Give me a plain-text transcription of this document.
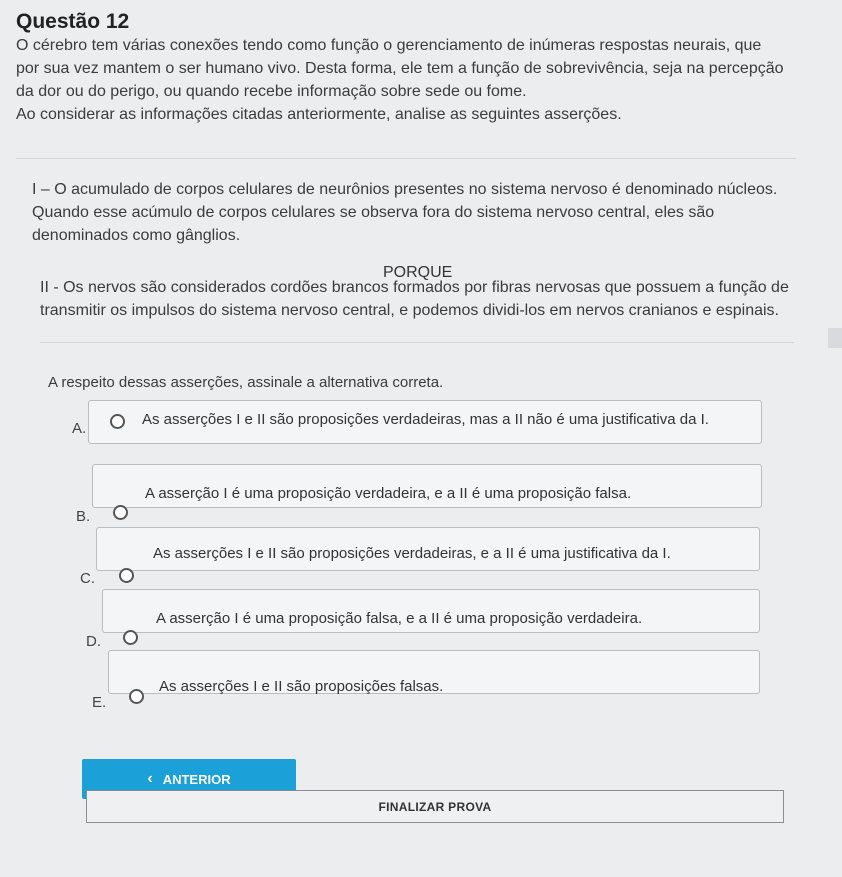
Questão 12

O cérebro tem várias conexões tendo como função o gerenciamento de inúmeras respostas neurais, que

por sua vez mantem o ser humano vivo. Desta forma, ele tem a função de sobrevivência, seja na percepção

da dor ou do perigo, ou quando recebe informação sobre sede ou fome.

Ao considerar as informações citadas anteriormente, analise as seguintes asserções.

I – O acumulado de corpos celulares de neurônios presentes no sistema nervoso é denominado núcleos.

Quando esse acúmulo de corpos celulares se observa fora do sistema nervoso central, eles são

denominados como gânglios.

PORQUE

II - Os nervos são considerados cordões brancos formados por fibras nervosas que possuem a função de

transmitir os impulsos do sistema nervoso central, e podemos dividi-los em nervos cranianos e espinais.

A respeito dessas asserções, assinale a alternativa correta.
A.
As asserções I e II são proposições verdadeiras, mas a II não é uma justificativa da I.
B.
A asserção I é uma proposição verdadeira, e a II é uma proposição falsa.
C.
As asserções I e II são proposições verdadeiras, e a II é uma justificativa da I.
D.
A asserção I é uma proposição falsa, e a II é uma proposição verdadeira.
E.
As asserções I e II são proposições falsas.
‹ ANTERIOR
FINALIZAR PROVA
